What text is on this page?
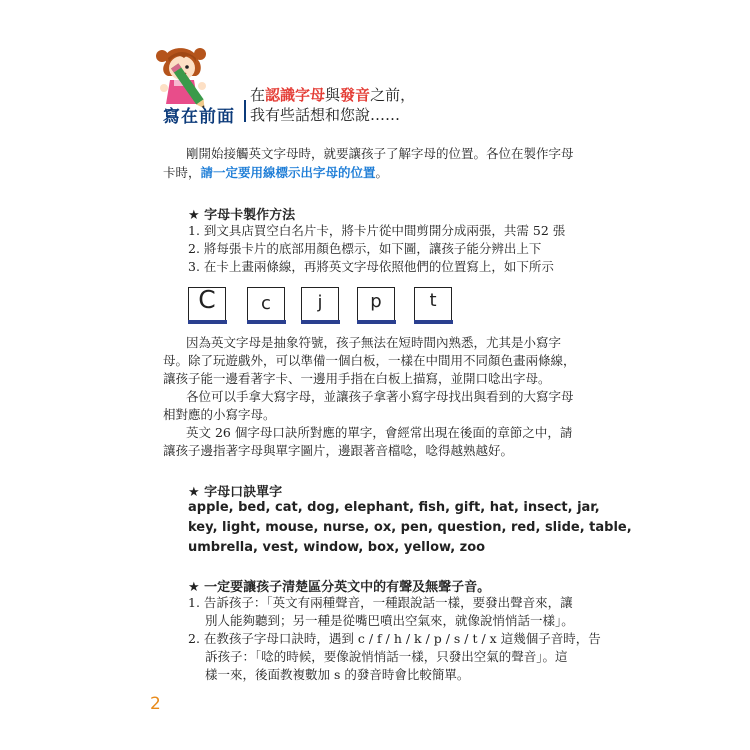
寫在前面
在認識字母與發音之前，
我有些話想和您說……
剛開始接觸英文字母時，就要讓孩子了解字母的位置。各位在製作字母
卡時，請一定要用線標示出字母的位置。
★ 字母卡製作方法
1. 到文具店買空白名片卡，將卡片從中間剪開分成兩張，共需 52 張
2. 將每張卡片的底部用顏色標示，如下圖，讓孩子能分辨出上下
3. 在卡上畫兩條線，再將英文字母依照他們的位置寫上，如下所示
C	c	j	p	t
因為英文字母是抽象符號，孩子無法在短時間內熟悉，尤其是小寫字
母。除了玩遊戲外，可以準備一個白板，一樣在中間用不同顏色畫兩條線，
讓孩子能一邊看著字卡、一邊用手指在白板上描寫，並開口唸出字母。
各位可以手拿大寫字母，並讓孩子拿著小寫字母找出與看到的大寫字母
相對應的小寫字母。
英文 26 個字母口訣所對應的單字，會經常出現在後面的章節之中，請
讓孩子邊指著字母與單字圖片，邊跟著音檔唸，唸得越熟越好。
★ 字母口訣單字
apple, bed, cat, dog, elephant, fish, gift, hat, insect, jar,
key, light, mouse, nurse, ox, pen, question, red, slide, table,
umbrella, vest, window, box, yellow, zoo
★ 一定要讓孩子清楚區分英文中的有聲及無聲子音。
1. 告訴孩子：「英文有兩種聲音，一種跟說話一樣，要發出聲音來，讓
別人能夠聽到；另一種是從嘴巴噴出空氣來，就像說悄悄話一樣」。
2. 在教孩子字母口訣時，遇到 c / f / h / k / p / s / t / x 這幾個子音時，告
訴孩子：「唸的時候，要像說悄悄話一樣，只發出空氣的聲音」。這
樣一來，後面教複數加 s 的發音時會比較簡單。
2
